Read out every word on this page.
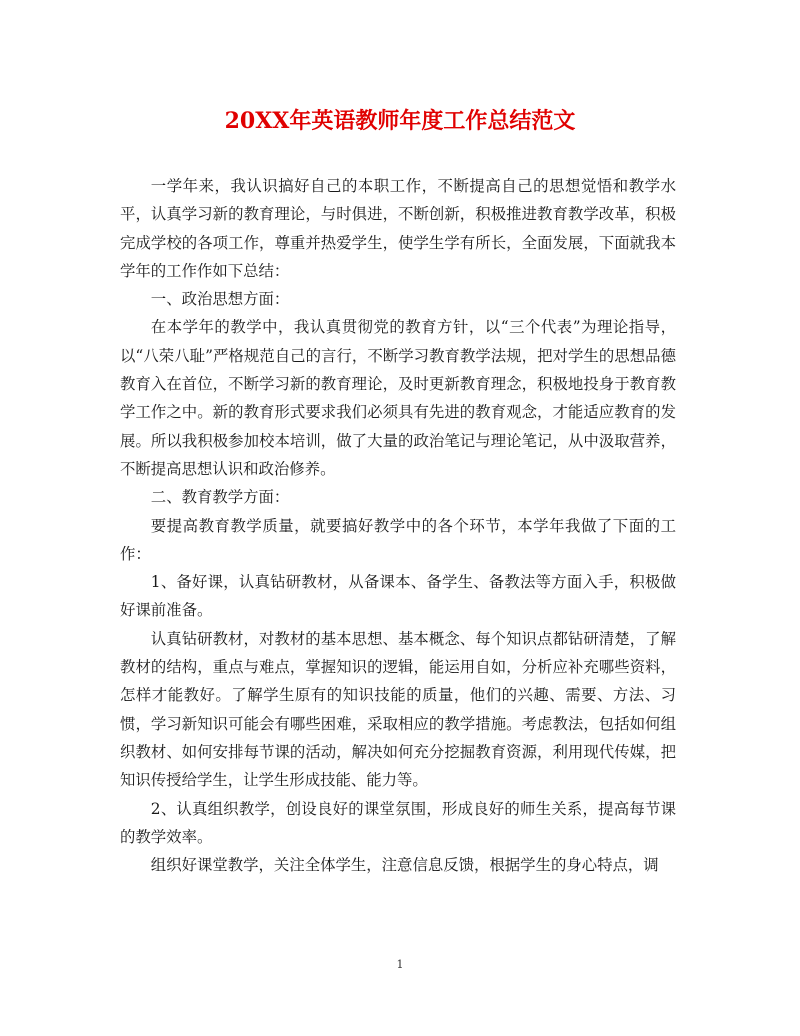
20XX年英语教师年度工作总结范文

一学年来，我认识搞好自己的本职工作，不断提高自己的思想觉悟和教学水平，认真学习新的教育理论，与时俱进，不断创新，积极推进教育教学改革，积极完成学校的各项工作，尊重并热爱学生，使学生学有所长，全面发展，下面就我本学年的工作作如下总结：

一、政治思想方面：

在本学年的教学中，我认真贯彻党的教育方针，以“三个代表”为理论指导，以“八荣八耻”严格规范自己的言行，不断学习教育教学法规，把对学生的思想品德教育入在首位，不断学习新的教育理论，及时更新教育理念，积极地投身于教育教学工作之中。新的教育形式要求我们必须具有先进的教育观念，才能适应教育的发展。所以我积极参加校本培训，做了大量的政治笔记与理论笔记，从中汲取营养，不断提高思想认识和政治修养。

二、教育教学方面：

要提高教育教学质量，就要搞好教学中的各个环节，本学年我做了下面的工作：

1、备好课，认真钻研教材，从备课本、备学生、备教法等方面入手，积极做好课前准备。

认真钻研教材，对教材的基本思想、基本概念、每个知识点都钻研清楚，了解教材的结构，重点与难点，掌握知识的逻辑，能运用自如，分析应补充哪些资料，怎样才能教好。了解学生原有的知识技能的质量，他们的兴趣、需要、方法、习惯，学习新知识可能会有哪些困难，采取相应的教学措施。考虑教法，包括如何组织教材、如何安排每节课的活动，解决如何充分挖掘教育资源，利用现代传媒，把知识传授给学生，让学生形成技能、能力等。

2、认真组织教学，创设良好的课堂氛围，形成良好的师生关系，提高每节课的教学效率。

组织好课堂教学，关注全体学生，注意信息反馈，根据学生的身心特点，调

1
